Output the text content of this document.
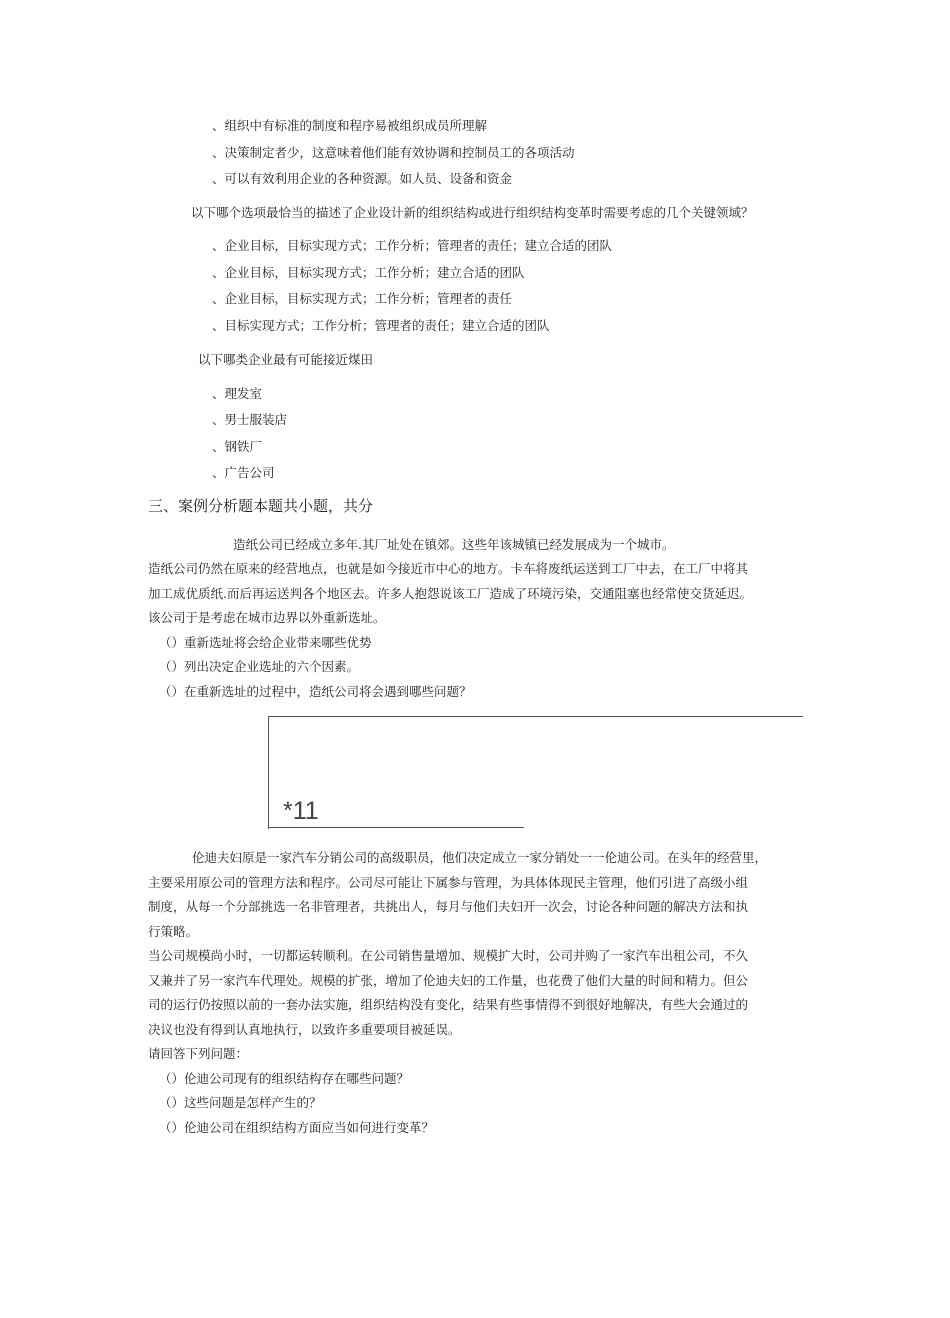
、组织中有标准的制度和程序易被组织成员所理解
、决策制定者少，这意味着他们能有效协调和控制员工的各项活动
、可以有效利用企业的各种资源。如人员、设备和资金
以下哪个选项最恰当的描述了企业设计新的组织结构或进行组织结构变革时需要考虑的几个关键领域？
、企业目标，目标实现方式；工作分析；管理者的责任；建立合适的团队
、企业目标，目标实现方式；工作分析；建立合适的团队
、企业目标，目标实现方式；工作分析；管理者的责任
、目标实现方式；工作分析；管理者的责任；建立合适的团队
以下哪类企业最有可能接近煤田
、理发室
、男士服装店
、钢铁厂
、广告公司
三、案例分析题本题共小题，共分
造纸公司已经成立多年.其厂址处在镇郊。这些年该城镇已经发展成为一个城市。
造纸公司仍然在原来的经营地点，也就是如今接近市中心的地方。卡车将废纸运送到工厂中去，在工厂中将其
加工成优质纸.而后再运送判各个地区去。许多人抱怨说该工厂造成了环境污染，交通阻塞也经常使交货延迟。
该公司于是考虑在城市边界以外重新选址。
（）重新选址将会给企业带来哪些优势
（）列出决定企业选址的六个因素。
（）在重新选址的过程中，造纸公司将会遇到哪些问题？
*11
伦迪夫妇原是一家汽车分销公司的高级职员，他们决定成立一家分销处一一伦迪公司。在头年的经营里，
主要采用原公司的管理方法和程序。公司尽可能让下属参与管理，为具体体现民主管理，他们引进了高级小组
制度，从每一个分部挑选一名非管理者，共挑出人，每月与他们夫妇开一次会，讨论各种问题的解决方法和执
行策略。
当公司规模尚小时，一切都运转顺利。在公司销售量增加、规模扩大时，公司并购了一家汽车出租公司，不久
又兼并了另一家汽车代理处。规模的扩张，增加了伦迪夫妇的工作量，也花费了他们大量的时间和精力。但公
司的运行仍按照以前的一套办法实施，组织结构没有变化，结果有些事情得不到很好地解决，有些大会通过的
决议也没有得到认真地执行，以致许多重要项目被延误。
请回答下列问题：
（）伦迪公司现有的组织结构存在哪些问题？
（）这些问题是怎样产生的？
（）伦迪公司在组织结构方面应当如何进行变革？
